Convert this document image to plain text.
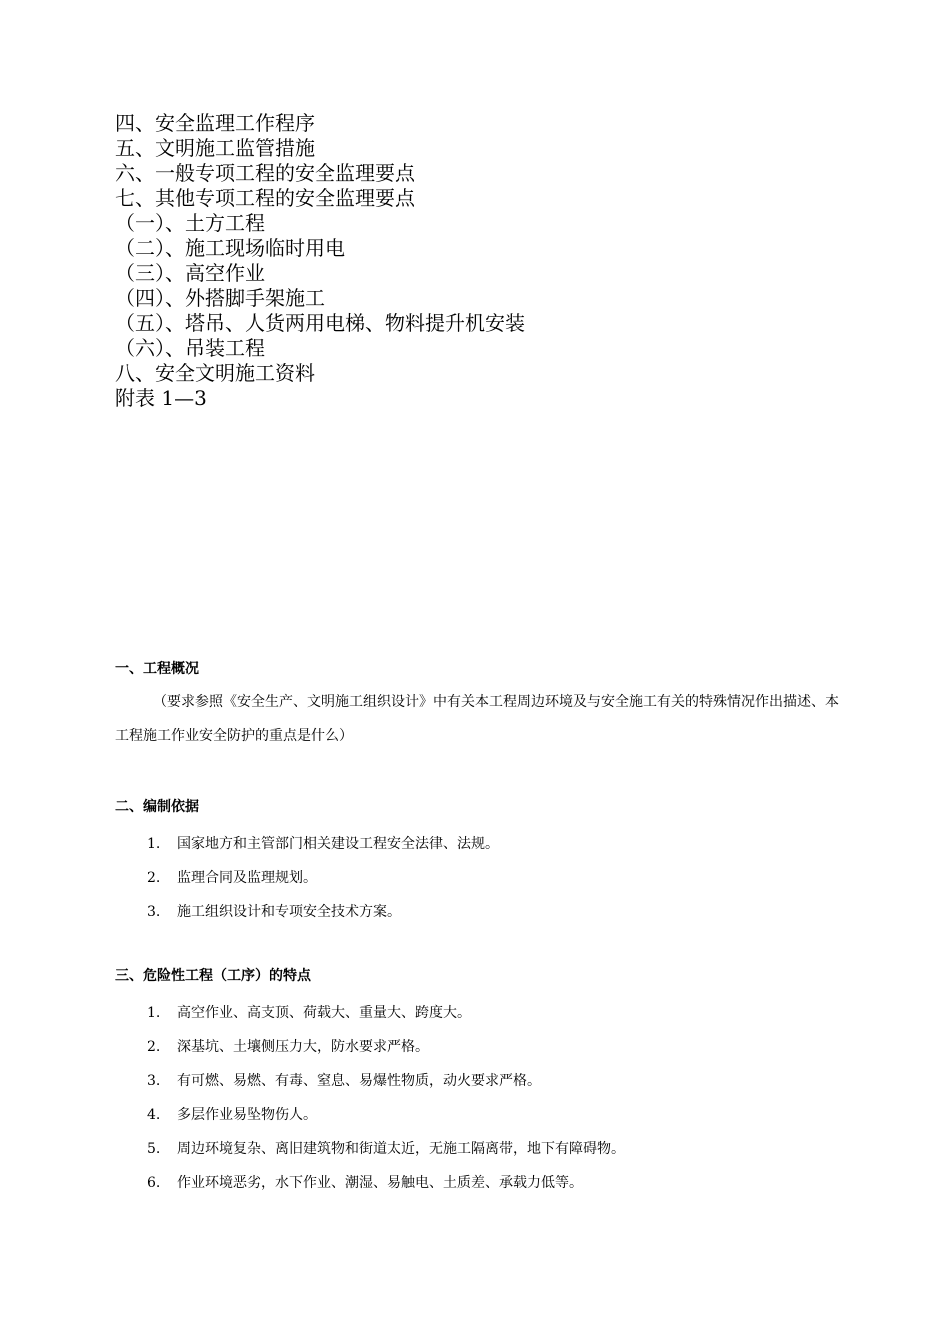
四、安全监理工作程序
五、文明施工监管措施
六、一般专项工程的安全监理要点
七、其他专项工程的安全监理要点
（一）、土方工程
（二）、施工现场临时用电
（三）、高空作业
（四）、外搭脚手架施工
（五）、塔吊、人货两用电梯、物料提升机安装
（六）、吊装工程
八、安全文明施工资料
附表 1—3
一、工程概况
（要求参照《安全生产、文明施工组织设计》中有关本工程周边环境及与安全施工有关的特殊情况作出描述、本工程施工作业安全防护的重点是什么）
二、编制依据
1. 国家地方和主管部门相关建设工程安全法律、法规。
2. 监理合同及监理规划。
3. 施工组织设计和专项安全技术方案。
三、危险性工程（工序）的特点
1. 高空作业、高支顶、荷载大、重量大、跨度大。
2. 深基坑、土壤侧压力大，防水要求严格。
3. 有可燃、易燃、有毒、窒息、易爆性物质，动火要求严格。
4. 多层作业易坠物伤人。
5. 周边环境复杂、离旧建筑物和街道太近，无施工隔离带，地下有障碍物。
6. 作业环境恶劣，水下作业、潮湿、易触电、土质差、承载力低等。
